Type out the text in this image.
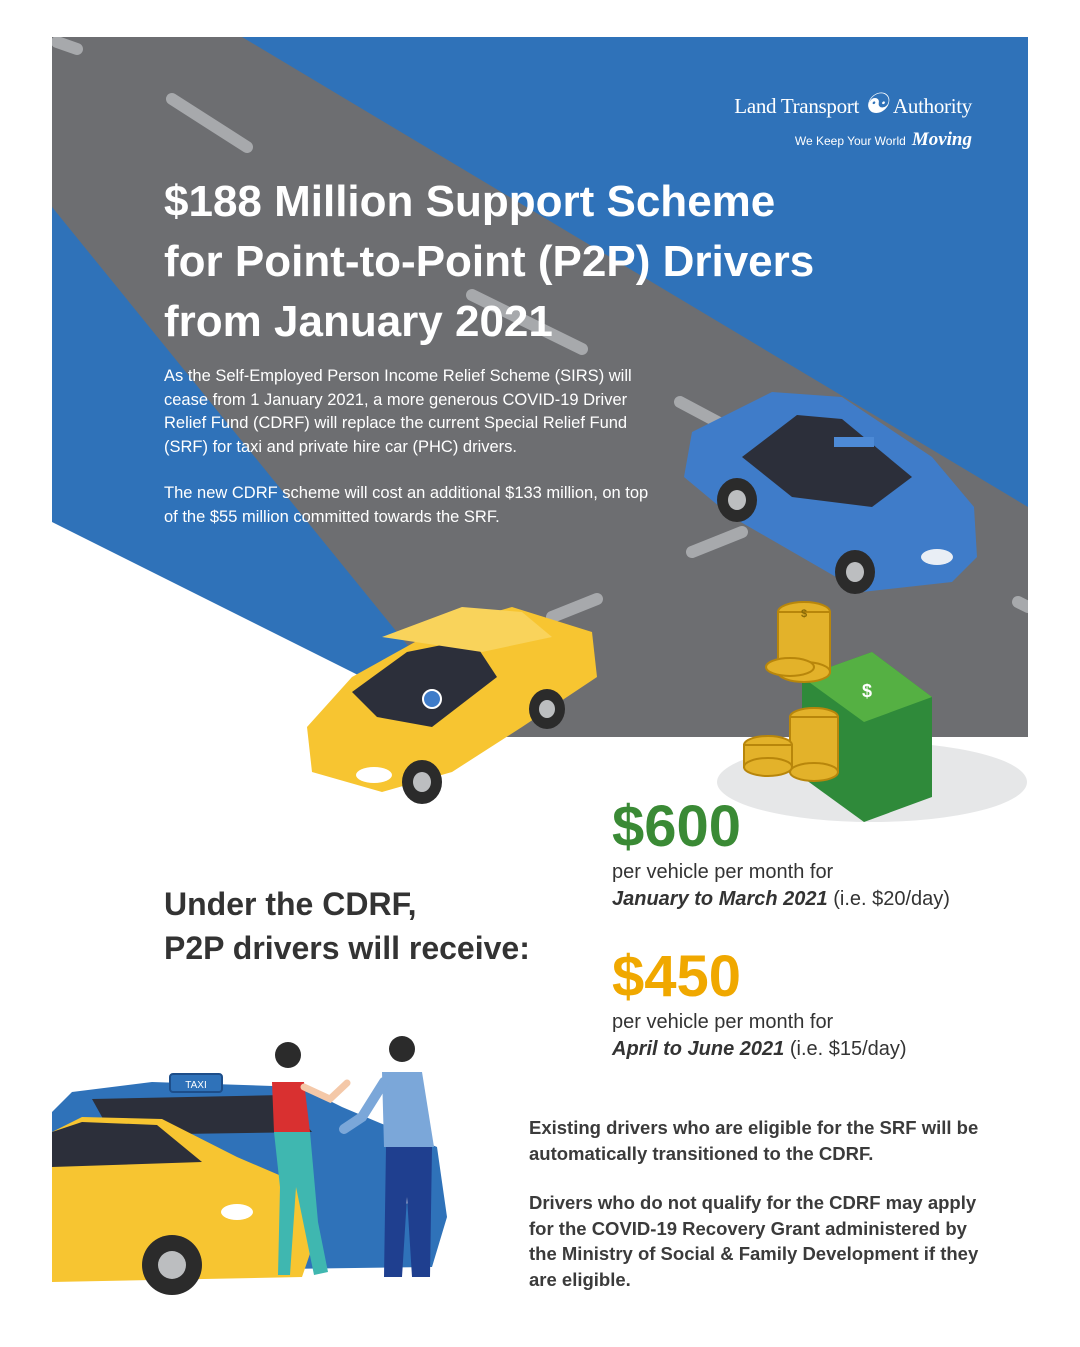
$
$
TAXI
Land Transport ☯ Authority
We Keep Your World Moving
$188 Million Support Scheme
for Point-to-Point (P2P) Drivers
from January 2021

As the Self-Employed Person Income Relief Scheme (SIRS) will cease from 1 January 2021, a more generous COVID-19 Driver Relief Fund (CDRF) will replace the current Special Relief Fund (SRF) for taxi and private hire car (PHC) drivers.

The new CDRF scheme will cost an additional $133 million, on top of the $55 million committed towards the SRF.

Under the CDRF,
P2P drivers will receive:
$600
per vehicle per month for
January to March 2021 (i.e. $20/day)
$450
per vehicle per month for
April to June 2021 (i.e. $15/day)

Existing drivers who are eligible for the SRF will be automatically transitioned to the CDRF.

Drivers who do not qualify for the CDRF may apply for the COVID-19 Recovery Grant administered by the Ministry of Social & Family Development if they are eligible.
